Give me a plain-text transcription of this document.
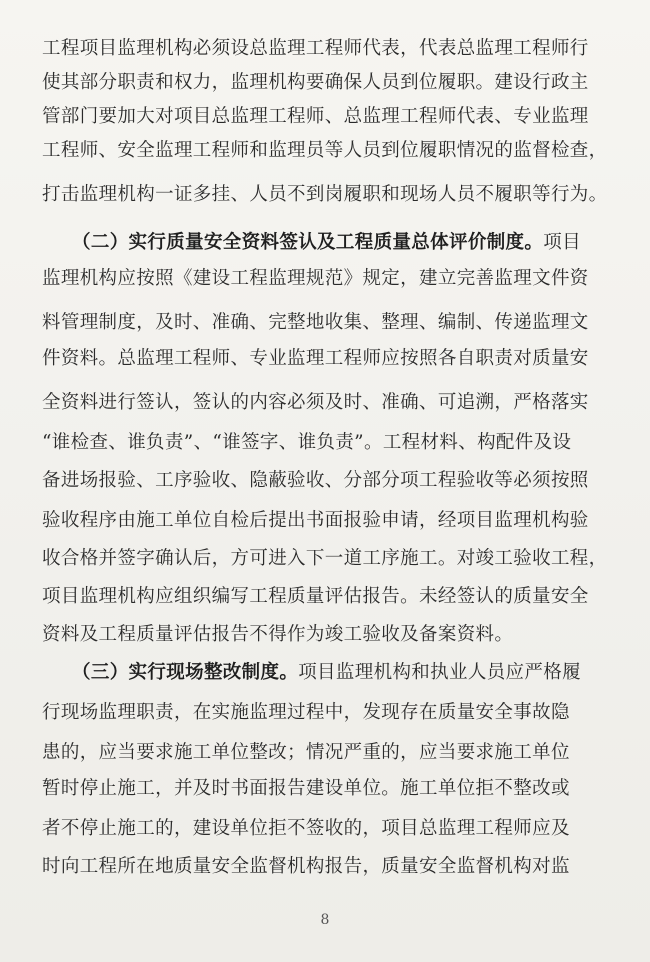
工程项目监理机构必须设总监理工程师代表，代表总监理工程师行
使其部分职责和权力，监理机构要确保人员到位履职。建设行政主
管部门要加大对项目总监理工程师、总监理工程师代表、专业监理
工程师、安全监理工程师和监理员等人员到位履职情况的监督检查，
打击监理机构一证多挂、人员不到岗履职和现场人员不履职等行为。
（二）实行质量安全资料签认及工程质量总体评价制度。项目
监理机构应按照《建设工程监理规范》规定，建立完善监理文件资
料管理制度，及时、准确、完整地收集、整理、编制、传递监理文
件资料。总监理工程师、专业监理工程师应按照各自职责对质量安
全资料进行签认，签认的内容必须及时、准确、可追溯，严格落实
“谁检查、谁负责”、“谁签字、谁负责”。工程材料、构配件及设
备进场报验、工序验收、隐蔽验收、分部分项工程验收等必须按照
验收程序由施工单位自检后提出书面报验申请，经项目监理机构验
收合格并签字确认后，方可进入下一道工序施工。对竣工验收工程，
项目监理机构应组织编写工程质量评估报告。未经签认的质量安全
资料及工程质量评估报告不得作为竣工验收及备案资料。
（三）实行现场整改制度。项目监理机构和执业人员应严格履
行现场监理职责，在实施监理过程中，发现存在质量安全事故隐
患的，应当要求施工单位整改；情况严重的，应当要求施工单位
暂时停止施工，并及时书面报告建设单位。施工单位拒不整改或
者不停止施工的，建设单位拒不签收的，项目总监理工程师应及
时向工程所在地质量安全监督机构报告，质量安全监督机构对监
8
